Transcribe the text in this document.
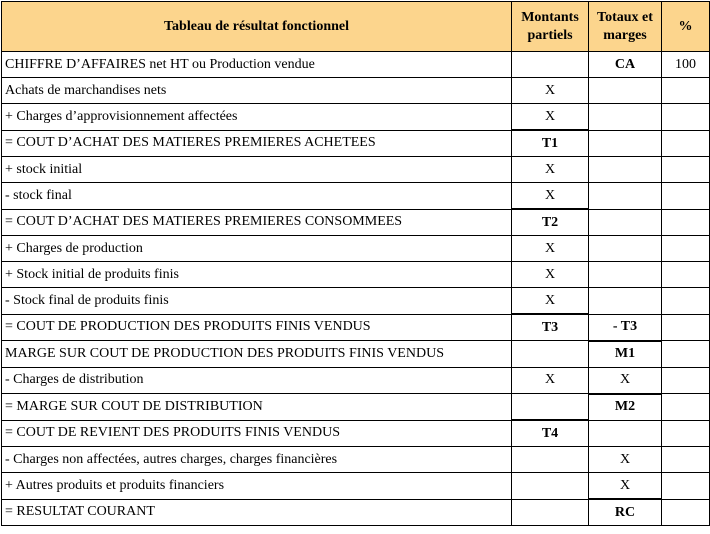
Tableau de résultat fonctionnel	Montants partiels	Totaux et marges	%
CHIFFRE D’AFFAIRES net HT ou Production vendue		CA	100
Achats de marchandises nets	X		
+ Charges d’approvisionnement affectées	X		
= COUT D’ACHAT DES MATIERES PREMIERES ACHETEES	T1		
+ stock initial	X		
- stock final	X		
= COUT D’ACHAT DES MATIERES PREMIERES CONSOMMEES	T2		
+ Charges de production	X		
+ Stock initial de produits finis	X		
- Stock final de produits finis	X		
= COUT DE PRODUCTION DES PRODUITS FINIS VENDUS	T3	- T3	
MARGE SUR COUT DE PRODUCTION DES PRODUITS FINIS VENDUS		M1	
- Charges de distribution	X	X	
= MARGE SUR COUT DE DISTRIBUTION		M2	
= COUT DE REVIENT DES PRODUITS FINIS VENDUS	T4		
- Charges non affectées, autres charges, charges financières		X	
+ Autres produits et produits financiers		X	
= RESULTAT COURANT		RC	
